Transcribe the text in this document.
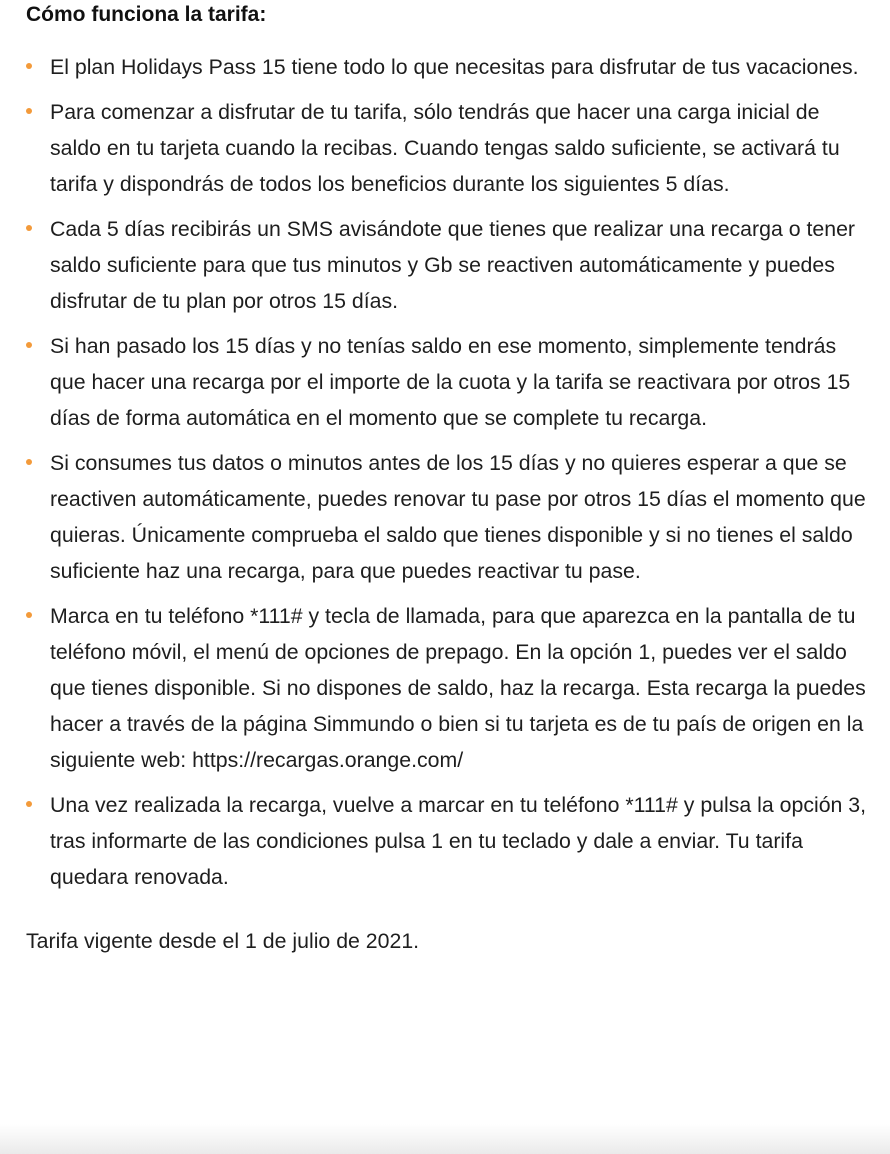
Cómo funciona la tarifa:
El plan Holidays Pass 15 tiene todo lo que necesitas para disfrutar de tus vacaciones.
Para comenzar a disfrutar de tu tarifa, sólo tendrás que hacer una carga inicial de saldo en tu tarjeta cuando la recibas. Cuando tengas saldo suficiente, se activará tu tarifa y dispondrás de todos los beneficios durante los siguientes 5 días.
Cada 5 días recibirás un SMS avisándote que tienes que realizar una recarga o tener saldo suficiente para que tus minutos y Gb se reactiven automáticamente y puedes disfrutar de tu plan por otros 15 días.
Si han pasado los 15 días y no tenías saldo en ese momento, simplemente tendrás que hacer una recarga por el importe de la cuota y la tarifa se reactivara por otros 15 días de forma automática en el momento que se complete tu recarga.
Si consumes tus datos o minutos antes de los 15 días y no quieres esperar a que se reactiven automáticamente, puedes renovar tu pase por otros 15 días el momento que quieras. Únicamente comprueba el saldo que tienes disponible y si no tienes el saldo suficiente haz una recarga, para que puedes reactivar tu pase.
Marca en tu teléfono *111# y tecla de llamada, para que aparezca en la pantalla de tu teléfono móvil, el menú de opciones de prepago. En la opción 1, puedes ver el saldo que tienes disponible. Si no dispones de saldo, haz la recarga. Esta recarga la puedes hacer a través de la página Simmundo o bien si tu tarjeta es de tu país de origen en la siguiente web: https://recargas.orange.com/
Una vez realizada la recarga, vuelve a marcar en tu teléfono *111# y pulsa la opción 3, tras informarte de las condiciones pulsa 1 en tu teclado y dale a enviar. Tu tarifa quedara renovada.

Tarifa vigente desde el 1 de julio de 2021.
